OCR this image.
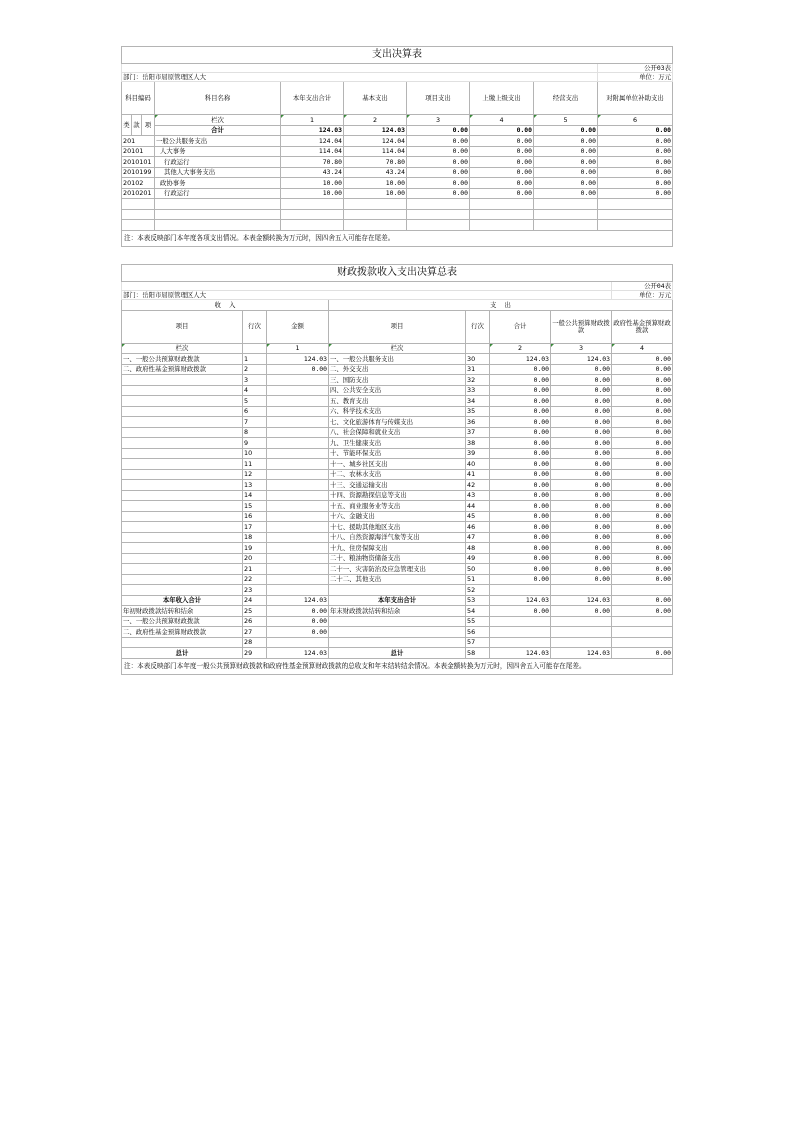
支出决算表									
									公开03表
部门：岳阳市屈原管理区人大									单位：万元
科目编码			科目名称	本年支出合计	基本支出	项目支出	上缴上级支出	经营支出	对附属单位补助支出
类	款	项	栏次	1	2	3	4	5	6
			合计	124.03	124.03	0.00	0.00	0.00	0.00
201			一般公共服务支出	124.04	124.04	0.00	0.00	0.00	0.00
20101			人大事务	114.04	114.04	0.00	0.00	0.00	0.00
2010101			行政运行	70.80	70.80	0.00	0.00	0.00	0.00
2010199			其他人大事务支出	43.24	43.24	0.00	0.00	0.00	0.00
20102			政协事务	10.00	10.00	0.00	0.00	0.00	0.00
2010201			行政运行	10.00	10.00	0.00	0.00	0.00	0.00

注：本表反映部门本年度各项支出情况。本表金额转换为万元时，因四舍五入可能存在尾差。									
财政拨款收入支出决算总表							
							公开04表
部门：岳阳市屈原管理区人大							单位：万元
收    入			支    出				
项目	行次	金额	项目	行次	合计	一般公共预算财政拨款	政府性基金预算财政拨款
栏次		1	栏次		2	3	4
一、一般公共预算财政拨款	1	124.03	一、一般公共服务支出	30	124.03	124.03	0.00
二、政府性基金预算财政拨款	2	0.00	二、外交支出	31	0.00	0.00	0.00
	3		三、国防支出	32	0.00	0.00	0.00
	4		四、公共安全支出	33	0.00	0.00	0.00
	5		五、教育支出	34	0.00	0.00	0.00
	6		六、科学技术支出	35	0.00	0.00	0.00
	7		七、文化旅游体育与传媒支出	36	0.00	0.00	0.00
	8		八、社会保障和就业支出	37	0.00	0.00	0.00
	9		九、卫生健康支出	38	0.00	0.00	0.00
	10		十、节能环保支出	39	0.00	0.00	0.00
	11		十一、城乡社区支出	40	0.00	0.00	0.00
	12		十二、农林水支出	41	0.00	0.00	0.00
	13		十三、交通运输支出	42	0.00	0.00	0.00
	14		十四、资源勘探信息等支出	43	0.00	0.00	0.00
	15		十五、商业服务业等支出	44	0.00	0.00	0.00
	16		十六、金融支出	45	0.00	0.00	0.00
	17		十七、援助其他地区支出	46	0.00	0.00	0.00
	18		十八、自然资源海洋气象等支出	47	0.00	0.00	0.00
	19		十九、住房保障支出	48	0.00	0.00	0.00
	20		二十、粮油物资储备支出	49	0.00	0.00	0.00
	21		二十一、灾害防治及应急管理支出	50	0.00	0.00	0.00
	22		二十二、其他支出	51	0.00	0.00	0.00
	23			52			
本年收入合计	24	124.03	本年支出合计	53	124.03	124.03	0.00
年初财政拨款结转和结余	25	0.00	年末财政拨款结转和结余	54	0.00	0.00	0.00
一、一般公共预算财政拨款	26	0.00		55			
二、政府性基金预算财政拨款	27	0.00		56			
	28			57			
总计	29	124.03	总计	58	124.03	124.03	0.00
注：本表反映部门本年度一般公共预算财政拨款和政府性基金预算财政拨款的总收支和年末结转结余情况。本表金额转换为万元时，因四舍五入可能存在尾差。							
